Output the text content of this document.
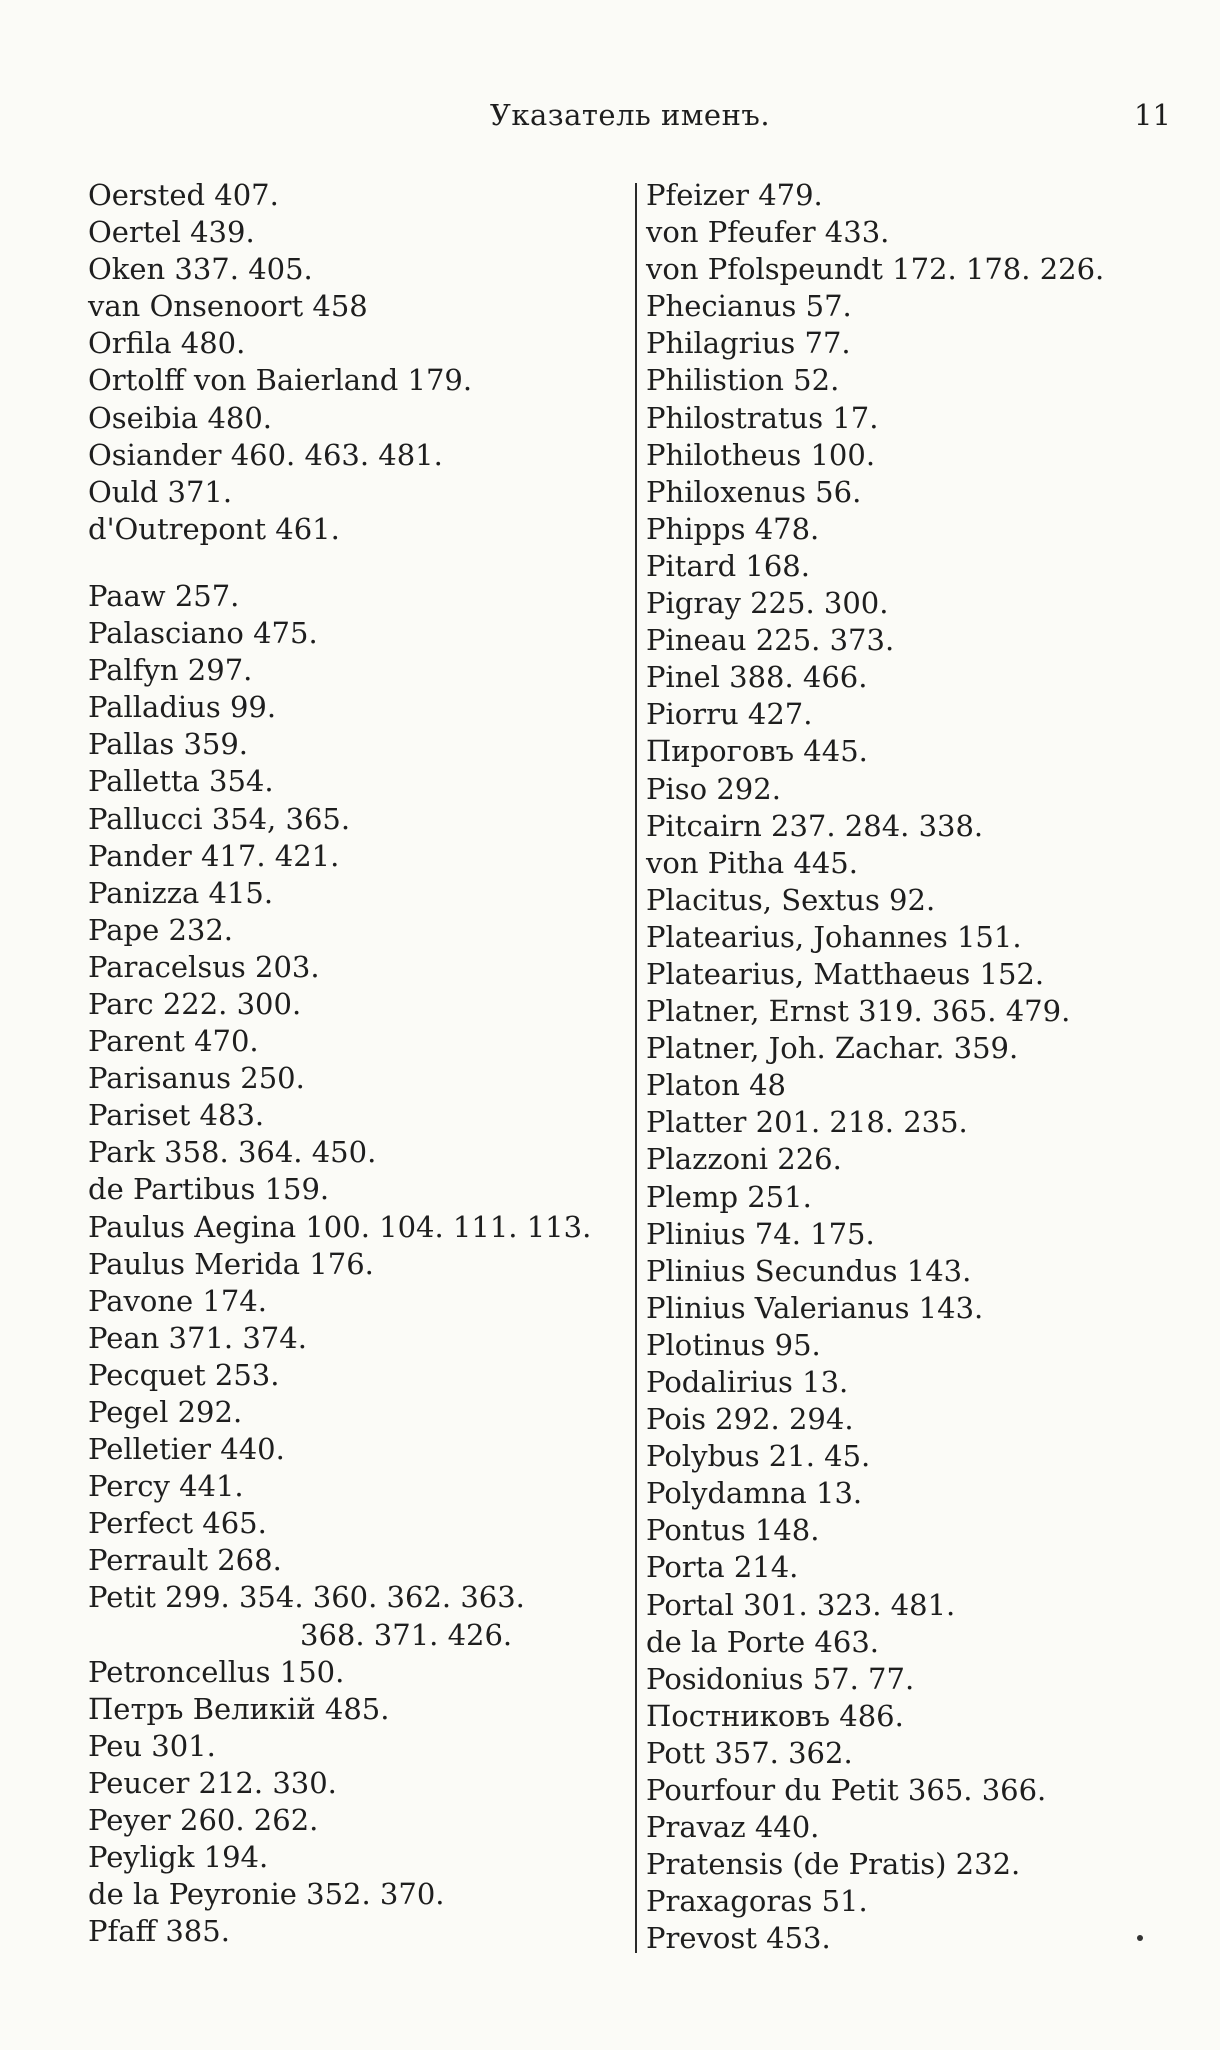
Указатель именъ.	11
Oersted 407.
Oertel 439.
Oken 337. 405.
van Onsenoort 458
Orfila 480.
Ortolff von Baierland 179.
Oseibia 480.
Osiander 460. 463. 481.
Ould 371.
d'Outrepont 461.
Paaw 257.
Palasciano 475.
Palfyn 297.
Palladius 99.
Pallas 359.
Palletta 354.
Pallucci 354, 365.
Pander 417. 421.
Panizza 415.
Pape 232.
Paracelsus 203.
Parc 222. 300.
Parent 470.
Parisanus 250.
Pariset 483.
Park 358. 364. 450.
de Partibus 159.
Paulus Aegina 100. 104. 111. 113.
Paulus Merida 176.
Pavone 174.
Pean 371. 374.
Pecquet 253.
Pegel 292.
Pelletier 440.
Percy 441.
Perfect 465.
Perrault 268.
Petit 299. 354. 360. 362. 363.
368. 371. 426.
Petroncellus 150.
Петръ Великій 485.
Peu 301.
Peucer 212. 330.
Peyer 260. 262.
Peyligk 194.
de la Peyronie 352. 370.
Pfaff 385.
Pfeizer 479.
von Pfeufer 433.
von Pfolspeundt 172. 178. 226.
Phecianus 57.
Philagrius 77.
Philistion 52.
Philostratus 17.
Philotheus 100.
Philoxenus 56.
Phipps 478.
Pitard 168.
Pigray 225. 300.
Pineau 225. 373.
Pinel 388. 466.
Piorru 427.
Пироговъ 445.
Piso 292.
Pitcairn 237. 284. 338.
von Pitha 445.
Placitus, Sextus 92.
Platearius, Johannes 151.
Platearius, Matthaeus 152.
Platner, Ernst 319. 365. 479.
Platner, Joh. Zachar. 359.
Platon 48
Platter 201. 218. 235.
Plazzoni 226.
Plemp 251.
Plinius 74. 175.
Plinius Secundus 143.
Plinius Valerianus 143.
Plotinus 95.
Podalirius 13.
Pois 292. 294.
Polybus 21. 45.
Polydamna 13.
Pontus 148.
Porta 214.
Portal 301. 323. 481.
de la Porte 463.
Posidonius 57. 77.
Постниковъ 486.
Pott 357. 362.
Pourfour du Petit 365. 366.
Pravaz 440.
Pratensis (de Pratis) 232.
Praxagoras 51.
Prevost 453.
